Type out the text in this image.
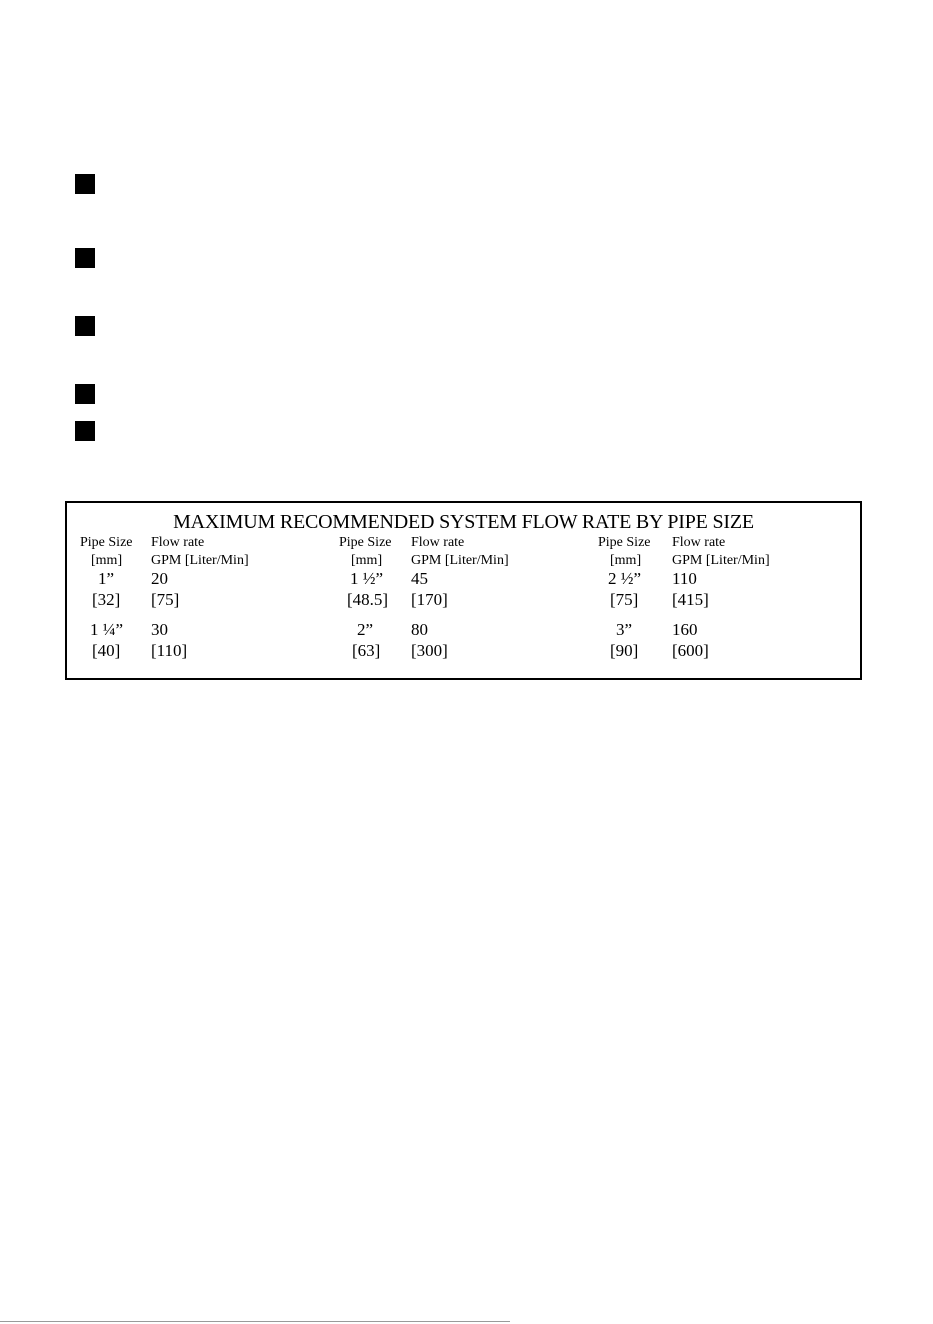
MAXIMUM RECOMMENDED SYSTEM FLOW RATE BY PIPE SIZE
Pipe Size
[mm]
Flow rate
GPM [Liter/Min]
1” 20
[32] [75]
1 ¼” 30
[40] [110]
Pipe Size
[mm]
Flow rate
GPM [Liter/Min]
1 ½” 45
[48.5] [170]
2” 80
[63] [300]
Pipe Size
[mm]
Flow rate
GPM [Liter/Min]
2 ½” 110
[75] [415]
3” 160
[90] [600]
